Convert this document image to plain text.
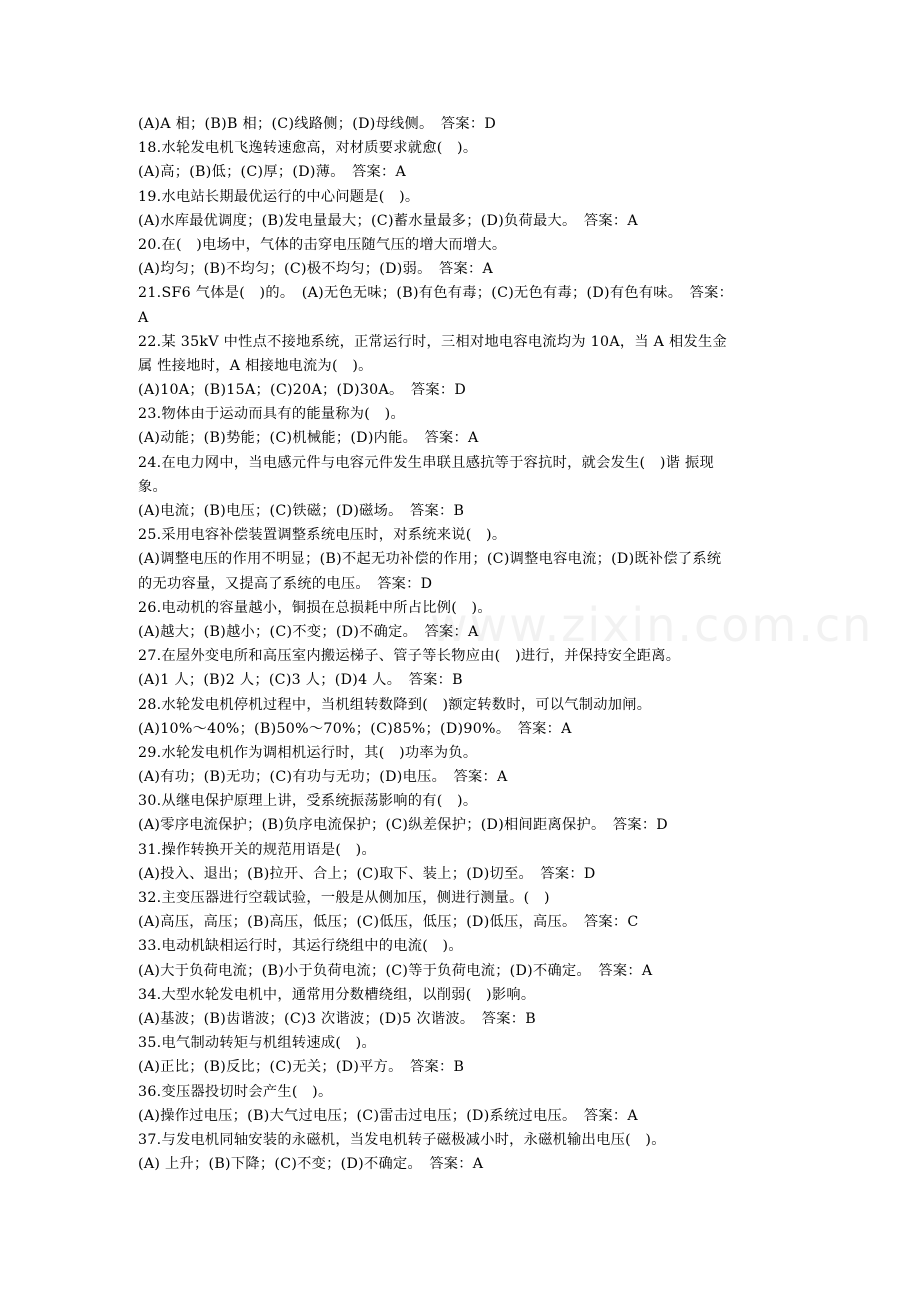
www.zixin.com.cn
(A)A 相；(B)B 相；(C)线路侧；(D)母线侧。　答案：D
18.水轮发电机飞逸转速愈高，对材质要求就愈(　)。
(A)高；(B)低；(C)厚；(D)薄。　答案：A
19.水电站长期最优运行的中心问题是(　)。
(A)水库最优调度；(B)发电量最大；(C)蓄水量最多；(D)负荷最大。　答案：A
20.在(　)电场中，气体的击穿电压随气压的增大而增大。
(A)均匀；(B)不均匀；(C)极不均匀；(D)弱。　答案：A
21.SF6 气体是(　)的。　(A)无色无味；(B)有色有毒；(C)无色有毒；(D)有色有味。　答案：
A
22.某 35kV 中性点不接地系统，正常运行时，三相对地电容电流均为 10A，当 A 相发生金
属 性接地时，A 相接地电流为(　)。
(A)10A；(B)15A；(C)20A；(D)30A。　答案：D
23.物体由于运动而具有的能量称为(　)。
(A)动能；(B)势能；(C)机械能；(D)内能。　答案：A
24.在电力网中，当电感元件与电容元件发生串联且感抗等于容抗时，就会发生(　)谐 振现
象。
(A)电流；(B)电压；(C)铁磁；(D)磁场。　答案：B
25.采用电容补偿装置调整系统电压时，对系统来说(　)。
(A)调整电压的作用不明显；(B)不起无功补偿的作用；(C)调整电容电流；(D)既补偿了系统
的无功容量，又提高了系统的电压。　答案：D
26.电动机的容量越小，铜损在总损耗中所占比例(　)。
(A)越大；(B)越小；(C)不变；(D)不确定。　答案：A
27.在屋外变电所和高压室内搬运梯子、管子等长物应由(　)进行，并保持安全距离。
(A)1 人；(B)2 人；(C)3 人；(D)4 人。　答案：B
28.水轮发电机停机过程中，当机组转数降到(　)额定转数时，可以气制动加闸。
(A)10%～40%；(B)50%～70%；(C)85%；(D)90%。　答案：A
29.水轮发电机作为调相机运行时，其(　)功率为负。
(A)有功；(B)无功；(C)有功与无功；(D)电压。　答案：A
30.从继电保护原理上讲，受系统振荡影响的有(　)。
(A)零序电流保护；(B)负序电流保护；(C)纵差保护；(D)相间距离保护。　答案：D
31.操作转换开关的规范用语是(　)。
(A)投入、退出；(B)拉开、合上；(C)取下、装上；(D)切至。　答案：D
32.主变压器进行空载试验，一般是从侧加压，侧进行测量。(　)
(A)高压，高压；(B)高压，低压；(C)低压，低压；(D)低压，高压。　答案：C
33.电动机缺相运行时，其运行绕组中的电流(　)。
(A)大于负荷电流；(B)小于负荷电流；(C)等于负荷电流；(D)不确定。　答案：A
34.大型水轮发电机中，通常用分数槽绕组，以削弱(　)影响。
(A)基波；(B)齿谐波；(C)3 次谐波；(D)5 次谐波。　答案：B
35.电气制动转矩与机组转速成(　)。
(A)正比；(B)反比；(C)无关；(D)平方。　答案：B
36.变压器投切时会产生(　)。
(A)操作过电压；(B)大气过电压；(C)雷击过电压；(D)系统过电压。　答案：A
37.与发电机同轴安装的永磁机，当发电机转子磁极减小时，永磁机输出电压(　)。
(A) 上升；(B)下降；(C)不变；(D)不确定。　答案：A
